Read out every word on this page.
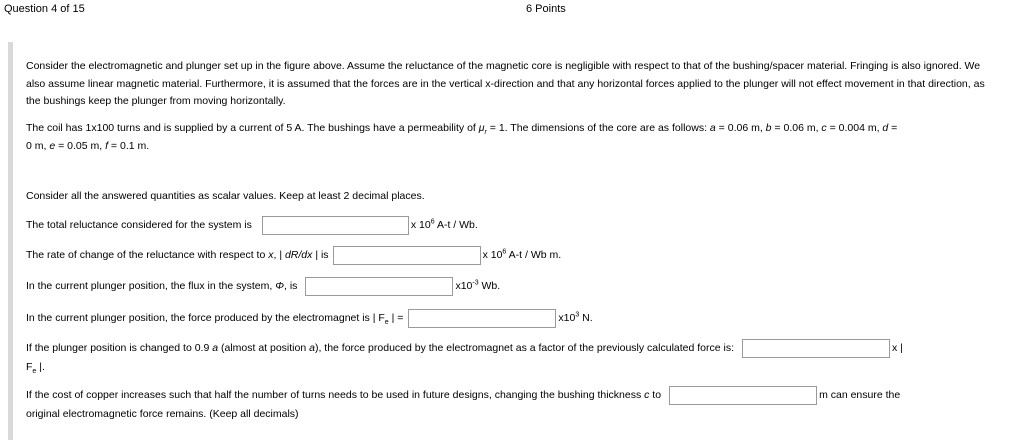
Question 4 of 15	6 Points
Consider the electromagnetic and plunger set up in the figure above. Assume the reluctance of the magnetic core is negligible with respect to that of the bushing/spacer material. Fringing is also ignored. We also assume linear magnetic material. Furthermore, it is assumed that the forces are in the vertical x-direction and that any horizontal forces applied to the plunger will not effect movement in that direction, as the bushings keep the plunger from moving horizontally.
The coil has 1x100 turns and is supplied by a current of 5 A. The bushings have a permeability of $\mu_r = 1$. The dimensions of the core are as follows: a = 0.06 m, b = 0.06 m, c = 0.004 m, d =
0 m, e = 0.05 m, f = 0.1 m.
Consider all the answered quantities as scalar values. Keep at least 2 decimal places.
The total reluctance considered for the system is	x $10^6$ A-t / Wb.
The rate of change of the reluctance with respect to x, | dR/dx | is	x $10^6$ A-t / Wb m.
In the current plunger position, the flux in the system, Φ, is	$x10^{-3}$ Wb.
In the current plunger position, the force produced by the electromagnet is | $F_e$ | =	$x10^3$ N.
If the plunger position is changed to 0.9 a (almost at position a), the force produced by the electromagnet as a factor of the previously calculated force is:	x |
$F_e$ |.
If the cost of copper increases such that half the number of turns needs to be used in future designs, changing the bushing thickness c to	m can ensure the
original electromagnetic force remains. (Keep all decimals)
